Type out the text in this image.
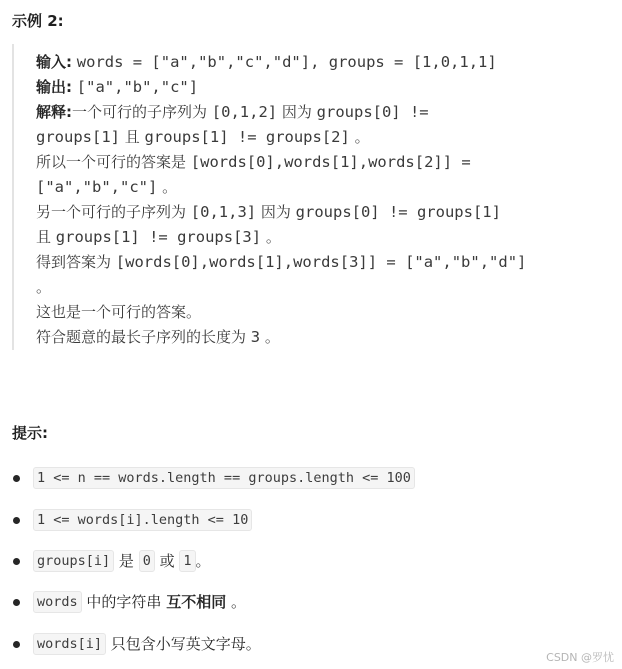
示例 2:
输入: words = ["a","b","c","d"], groups = [1,0,1,1]
输出: ["a","b","c"]
解释:一个可行的子序列为 [0,1,2] 因为 groups[0] !=
groups[1] 且 groups[1] != groups[2] 。
所以一个可行的答案是 [words[0],words[1],words[2]] =
["a","b","c"] 。
另一个可行的子序列为 [0,1,3] 因为 groups[0] != groups[1]
且 groups[1] != groups[3] 。
得到答案为 [words[0],words[1],words[3]] = ["a","b","d"]
。
这也是一个可行的答案。
符合题意的最长子序列的长度为 3 。
提示:
1 <= n == words.length == groups.length <= 100
1 <= words[i].length <= 10
groups[i] 是 0 或 1 。
words 中的字符串 互不相同 。
words[i] 只包含小写英文字母。
CSDN @罗忧
